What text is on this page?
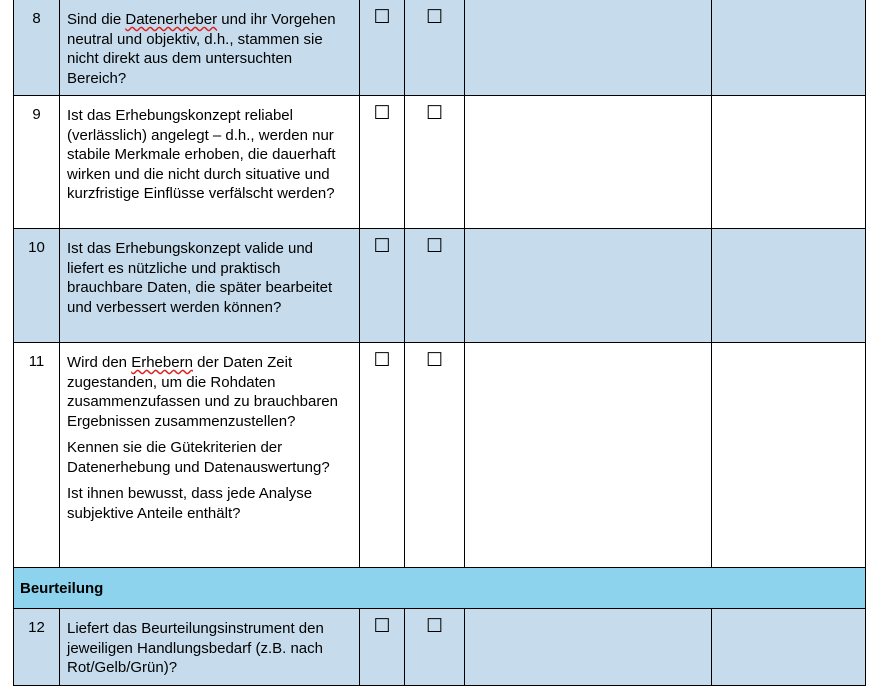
8	Sind die Datenerheber und ihr Vorgehen neutral und objektiv, d.h., stammen sie nicht direkt aus dem untersuchten Bereich?	☐	☐		
9	Ist das Erhebungskonzept reliabel (verlässlich) angelegt – d.h., werden nur stabile Merkmale erhoben, die dauerhaft wirken und die nicht durch situative und kurzfristige Einflüsse verfälscht werden?	☐	☐		
10	Ist das Erhebungskonzept valide und liefert es nützliche und praktisch brauchbare Daten, die später bearbeitet und verbessert werden können?	☐	☐		
11	Wird den Erhebern der Daten Zeit zugestanden, um die Rohdaten zusammenzufassen und zu brauchbaren Ergebnissen zusammenzustellen?

Kennen sie die Gütekriterien der Datenerhebung und Datenauswertung?

Ist ihnen bewusst, dass jede Analyse subjektive Anteile enthält?	☐	☐		
Beurteilung					
12	Liefert das Beurteilungsinstrument den jeweiligen Handlungsbedarf (z.B. nach Rot/Gelb/Grün)?	☐	☐		
